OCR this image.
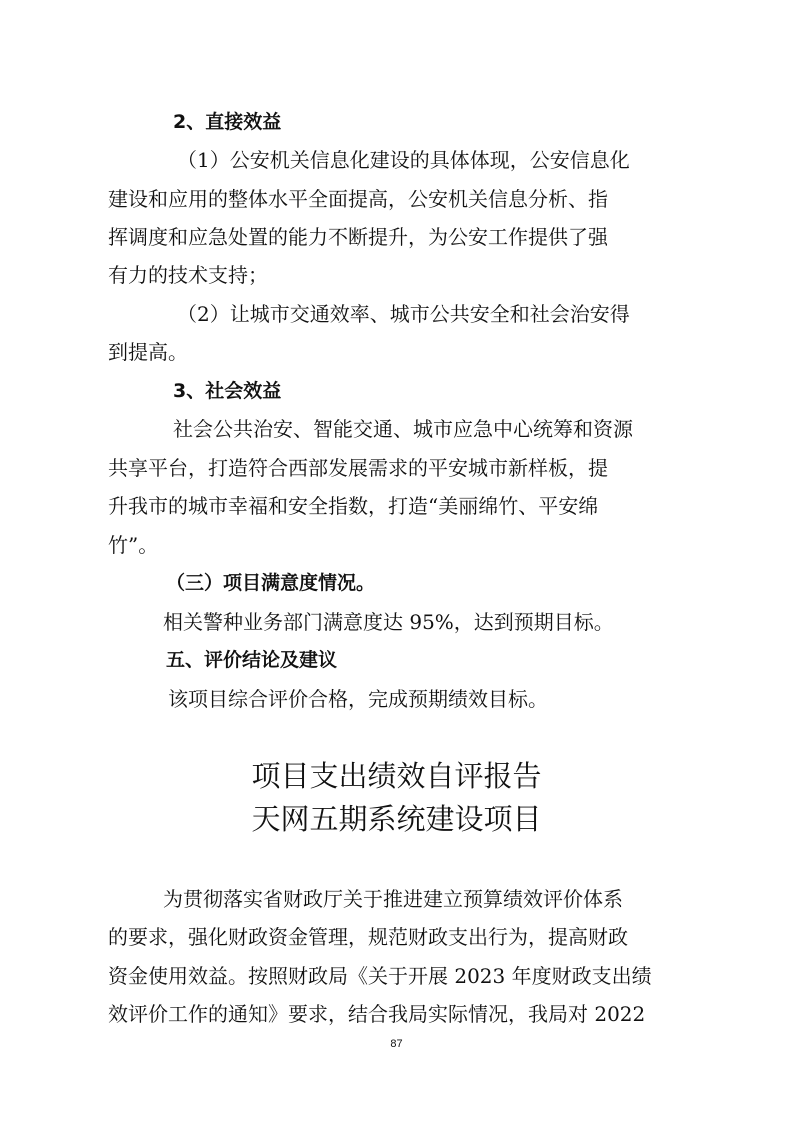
2、直接效益
（1）公安机关信息化建设的具体体现，公安信息化
建设和应用的整体水平全面提高，公安机关信息分析、指
挥调度和应急处置的能力不断提升，为公安工作提供了强
有力的技术支持；
（2）让城市交通效率、城市公共安全和社会治安得
到提高。
3、社会效益
社会公共治安、智能交通、城市应急中心统筹和资源
共享平台，打造符合西部发展需求的平安城市新样板，提
升我市的城市幸福和安全指数，打造“美丽绵竹、平安绵
竹”。
（三）项目满意度情况。
相关警种业务部门满意度达 95%，达到预期目标。
五、评价结论及建议
该项目综合评价合格，完成预期绩效目标。
项目支出绩效自评报告
天网五期系统建设项目
为贯彻落实省财政厅关于推进建立预算绩效评价体系
的要求，强化财政资金管理，规范财政支出行为，提高财政
资金使用效益。按照财政局《关于开展 2023 年度财政支出绩
效评价工作的通知》要求，结合我局实际情况，我局对 2022
87
